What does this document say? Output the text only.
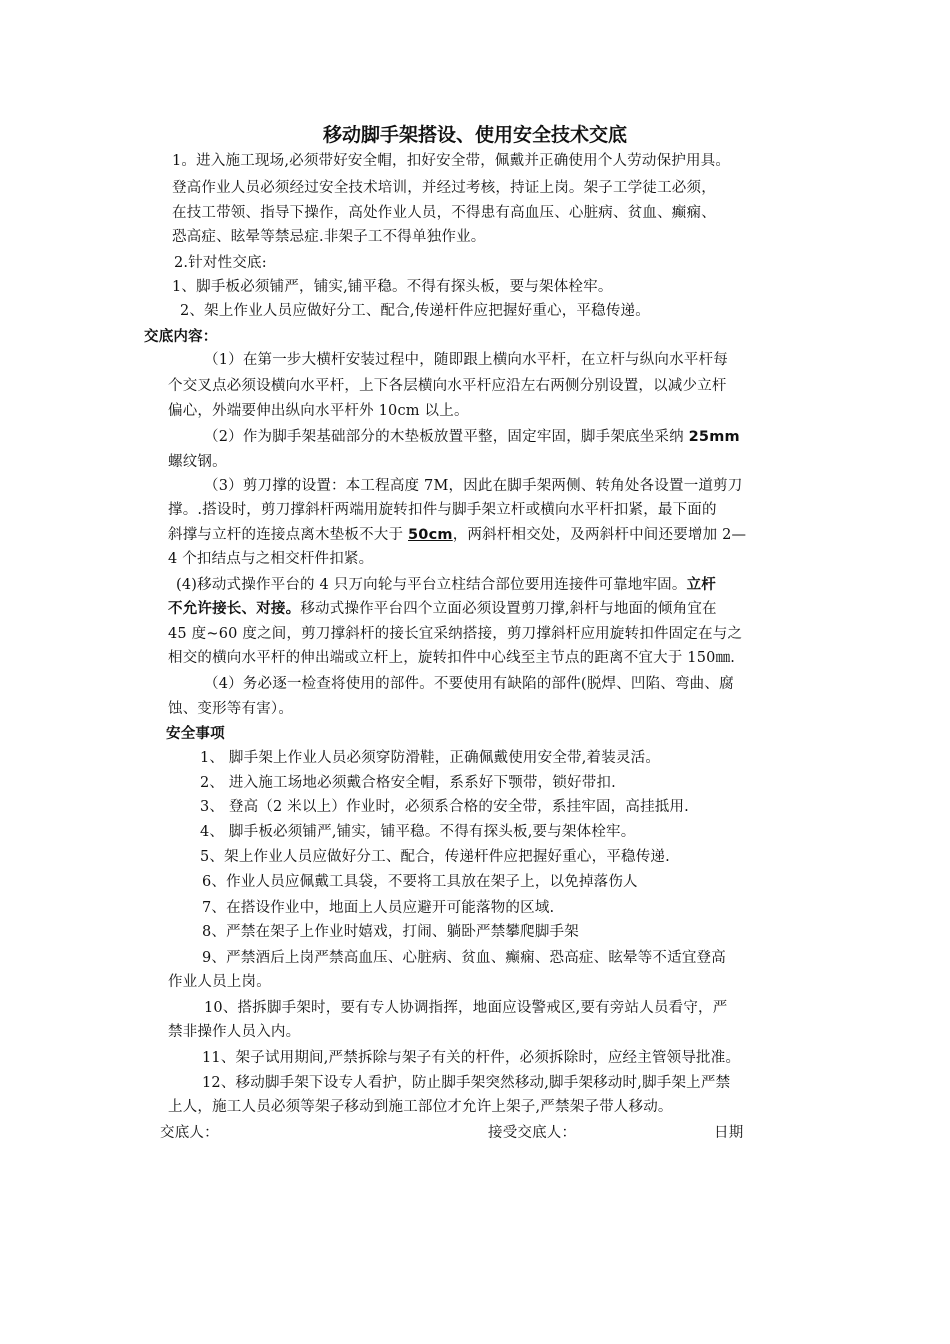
移动脚手架搭设、使用安全技术交底
1。进入施工现场,必须带好安全帽，扣好安全带，佩戴并正确使用个人劳动保护用具。
登高作业人员必须经过安全技术培训，并经过考核，持证上岗。架子工学徒工必须，
在技工带领、指导下操作，高处作业人员，不得患有高血压、心脏病、贫血、癫痫、
恐高症、眩晕等禁忌症.非架子工不得单独作业。
2.针对性交底:
1、脚手板必须铺严，铺实,铺平稳。不得有探头板，要与架体栓牢。
2、架上作业人员应做好分工、配合,传递杆件应把握好重心，平稳传递。
交底内容：
（1）在第一步大横杆安装过程中，随即跟上横向水平杆，在立杆与纵向水平杆每
个交叉点必须设横向水平杆，上下各层横向水平杆应沿左右两侧分别设置，以减少立杆
偏心，外端要伸出纵向水平杆外 10cm 以上。
（2）作为脚手架基础部分的木垫板放置平整，固定牢固，脚手架底坐采纳 25mm
螺纹钢。
（3）剪刀撑的设置：本工程高度 7M，因此在脚手架两侧、转角处各设置一道剪刀
撑。.搭设时，剪刀撑斜杆两端用旋转扣件与脚手架立杆或横向水平杆扣紧，最下面的
斜撑与立杆的连接点离木垫板不大于 50cm，两斜杆相交处，及两斜杆中间还要增加 2—
4 个扣结点与之相交杆件扣紧。
(4)移动式操作平台的 4 只万向轮与平台立柱结合部位要用连接件可靠地牢固。立杆
不允许接长、对接。移动式操作平台四个立面必须设置剪刀撑,斜杆与地面的倾角宜在
45 度~60 度之间，剪刀撑斜杆的接长宜采纳搭接，剪刀撑斜杆应用旋转扣件固定在与之
相交的横向水平杆的伸出端或立杆上，旋转扣件中心线至主节点的距离不宜大于 150㎜.
（4）务必逐一检查将使用的部件。不要使用有缺陷的部件(脱焊、凹陷、弯曲、腐
蚀、变形等有害）。
安全事项
1、 脚手架上作业人员必须穿防滑鞋，正确佩戴使用安全带,着装灵活。
2、 进入施工场地必须戴合格安全帽，系系好下颚带，锁好带扣.
3、 登高（2 米以上）作业时，必须系合格的安全带，系挂牢固，高挂抵用.
4、 脚手板必须铺严,铺实，铺平稳。不得有探头板,要与架体栓牢。
5、架上作业人员应做好分工、配合，传递杆件应把握好重心，平稳传递.
6、作业人员应佩戴工具袋，不要将工具放在架子上，以免掉落伤人
7、在搭设作业中，地面上人员应避开可能落物的区域.
8、严禁在架子上作业时嬉戏，打闹、躺卧严禁攀爬脚手架
9、严禁酒后上岗严禁高血压、心脏病、贫血、癫痫、恐高症、眩晕等不适宜登高
作业人员上岗。
10、搭拆脚手架时，要有专人协调指挥，地面应设警戒区,要有旁站人员看守，严
禁非操作人员入内。
11、架子试用期间,严禁拆除与架子有关的杆件，必须拆除时，应经主管领导批准。
12、移动脚手架下设专人看护，防止脚手架突然移动,脚手架移动时,脚手架上严禁
上人，施工人员必须等架子移动到施工部位才允许上架子,严禁架子带人移动。
交底人：	接受交底人：	日期
